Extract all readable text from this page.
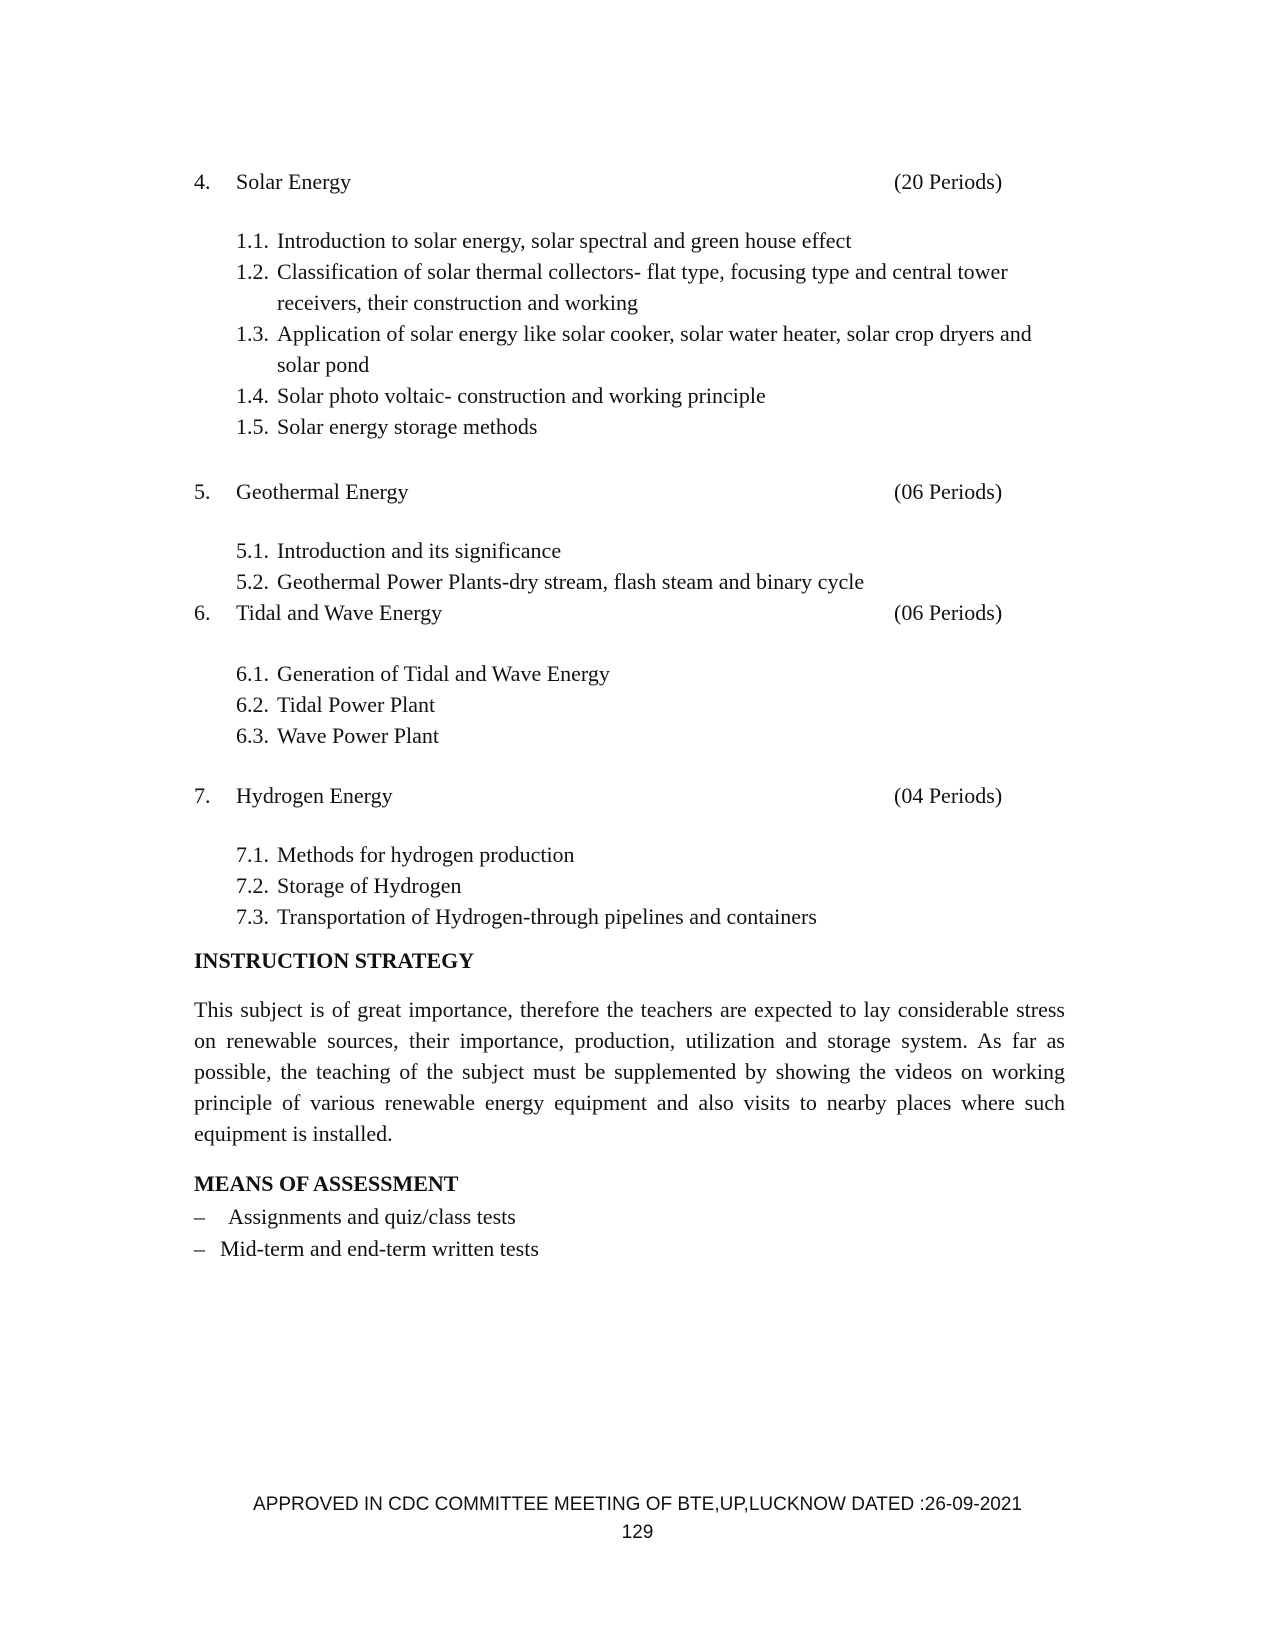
4. Solar Energy	(20 Periods)
1.1. Introduction to solar energy, solar spectral and green house effect
1.2. Classification of solar thermal collectors- flat type, focusing type and central tower receivers, their construction and working
1.3. Application of solar energy like solar cooker, solar water heater, solar crop dryers and solar pond
1.4. Solar photo voltaic- construction and working principle
1.5. Solar energy storage methods
5. Geothermal Energy	(06 Periods)
5.1. Introduction and its significance
5.2. Geothermal Power Plants-dry stream, flash steam and binary cycle
6. Tidal and Wave Energy	(06 Periods)
6.1. Generation of Tidal and Wave Energy
6.2. Tidal Power Plant
6.3. Wave Power Plant
7. Hydrogen Energy	(04 Periods)
7.1. Methods for hydrogen production
7.2. Storage of Hydrogen
7.3. Transportation of Hydrogen-through pipelines and containers
INSTRUCTION STRATEGY

This subject is of great importance, therefore the teachers are expected to lay considerable stress on renewable sources, their importance, production, utilization and storage system. As far as possible, the teaching of the subject must be supplemented by showing the videos on working principle of various renewable energy equipment and also visits to nearby places where such equipment is installed.

MEANS OF ASSESSMENT
– Assignments and quiz/class tests
– Mid-term and end-term written tests
APPROVED IN CDC COMMITTEE MEETING OF BTE,UP,LUCKNOW DATED :26-09-2021
129
